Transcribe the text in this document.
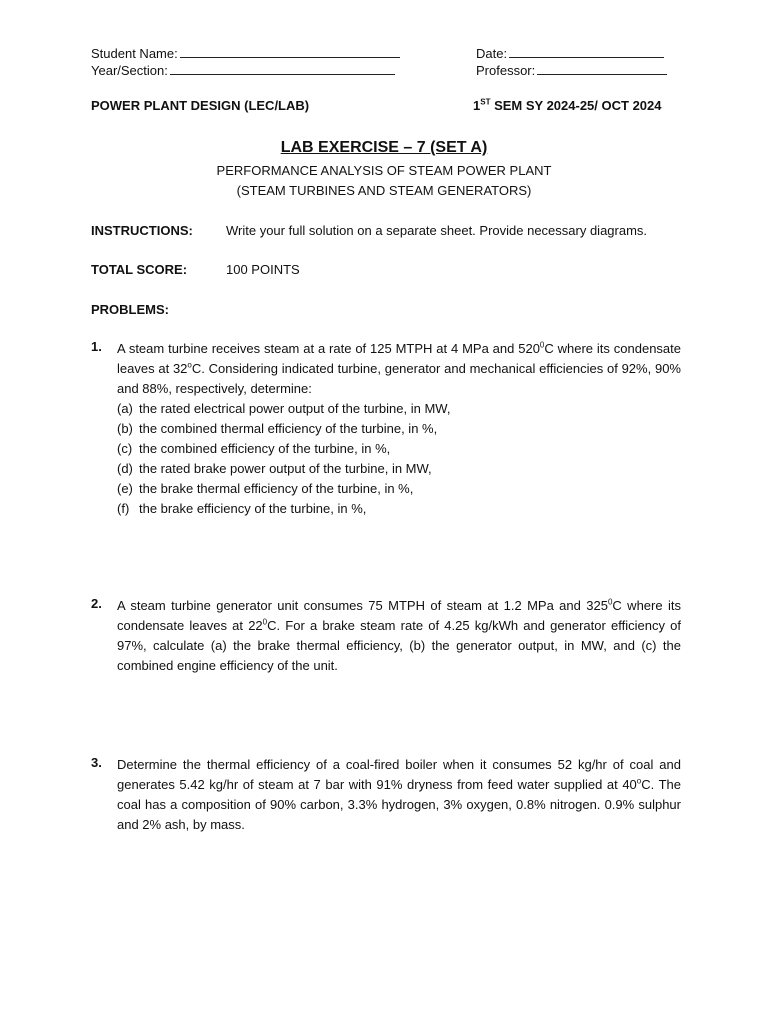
Student Name:
Year/Section:
Date:
Professor:
POWER PLANT DESIGN (LEC/LAB)	1ST SEM SY 2024-25/ OCT 2024
LAB EXERCISE – 7 (SET A)
PERFORMANCE ANALYSIS OF STEAM POWER PLANT
(STEAM TURBINES AND STEAM GENERATORS)
INSTRUCTIONS:	Write your full solution on a separate sheet. Provide necessary diagrams.
TOTAL SCORE:	100 POINTS
PROBLEMS:
1. A steam turbine receives steam at a rate of 125 MTPH at 4 MPa and $520^0C$ where its condensate leaves at 32$^o$C. Considering indicated turbine, generator and mechanical efficiencies of 92%, 90% and 88%, respectively, determine:
(a) the rated electrical power output of the turbine, in MW,
(b) the combined thermal efficiency of the turbine, in %,
(c) the combined efficiency of the turbine, in %,
(d) the rated brake power output of the turbine, in MW,
(e) the brake thermal efficiency of the turbine, in %,
(f) the brake efficiency of the turbine, in %,
2. A steam turbine generator unit consumes 75 MTPH of steam at 1.2 MPa and $325^0C$ where its condensate leaves at $22^0C$. For a brake steam rate of 4.25 kg/kWh and generator efficiency of 97%, calculate (a) the brake thermal efficiency, (b) the generator output, in MW, and (c) the combined engine efficiency of the unit.
3. Determine the thermal efficiency of a coal-fired boiler when it consumes 52 kg/hr of coal and generates 5.42 kg/hr of steam at 7 bar with 91% dryness from feed water supplied at 40$^o$C. The coal has a composition of 90% carbon, 3.3% hydrogen, 3% oxygen, 0.8% nitrogen. 0.9% sulphur and 2% ash, by mass.
